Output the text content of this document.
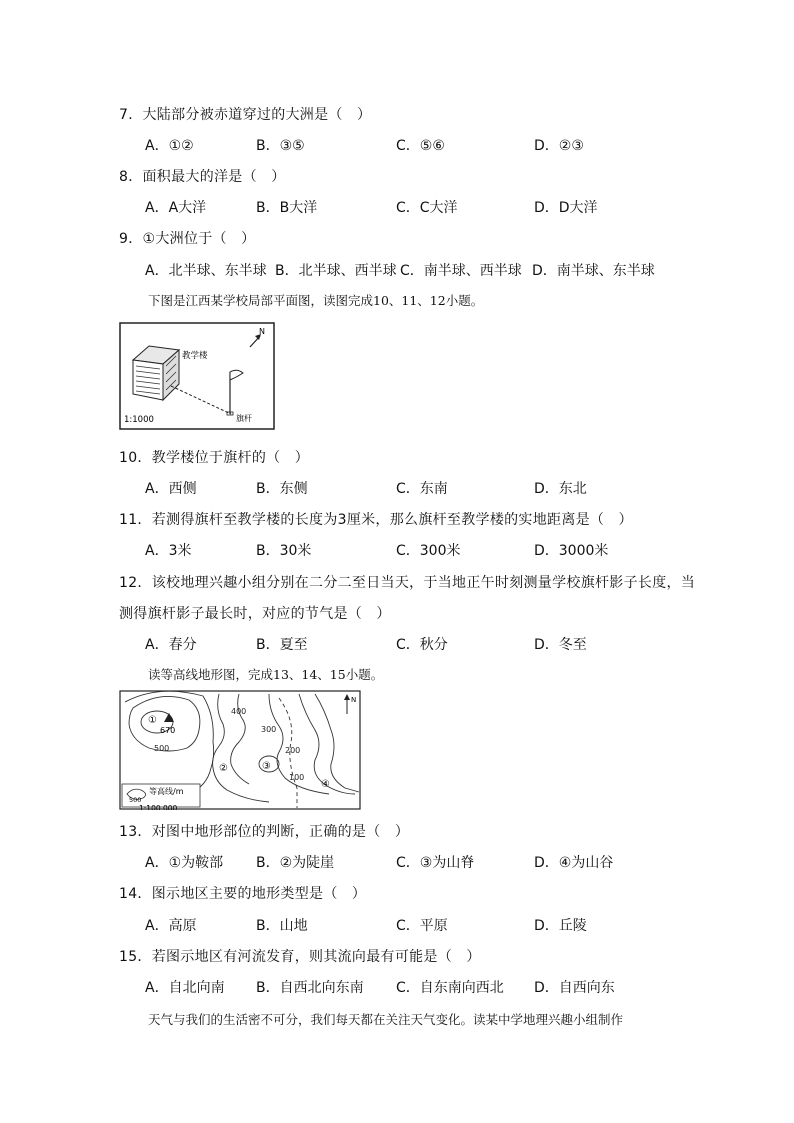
7．大陆部分被赤道穿过的大洲是（　）
A．①②	B．③⑤	C．⑤⑥	D．②③
8．面积最大的洋是（　）
A．A大洋	B．B大洋	C．C大洋	D．D大洋
9．①大洲位于（　）
A．北半球、东半球 B．北半球、西半球 C．南半球、西半球 D．南半球、东半球
下图是江西某学校局部平面图，读图完成10、11、12小题。
教学楼
旗杆
N
1:1000
10．教学楼位于旗杆的（　）
A．西侧	B．东侧	C．东南	D．东北
11．若测得旗杆至教学楼的长度为3厘米，那么旗杆至教学楼的实地距离是（　）
A．3米	B．30米	C．300米	D．3000米
12．该校地理兴趣小组分别在二分二至日当天，于当地正午时刻测量学校旗杆影子长度，当
测得旗杆影子最长时，对应的节气是（　）
A．春分	B．夏至	C．秋分	D．冬至
读等高线地形图，完成13、14、15小题。
①
670
②	③
④
400
300
500	200
100
N
500
等高线/m
1:100 000
13．对图中地形部位的判断，正确的是（　）
A．①为鞍部 B．②为陡崖	C．③为山脊	D．④为山谷
14．图示地区主要的地形类型是（　）
A．高原	B．山地	C．平原	D．丘陵
15．若图示地区有河流发育，则其流向最有可能是（　）
A．自北向南 B．自西北向东南 C．自东南向西北 D．自西向东
天气与我们的生活密不可分，我们每天都在关注天气变化。读某中学地理兴趣小组制作
